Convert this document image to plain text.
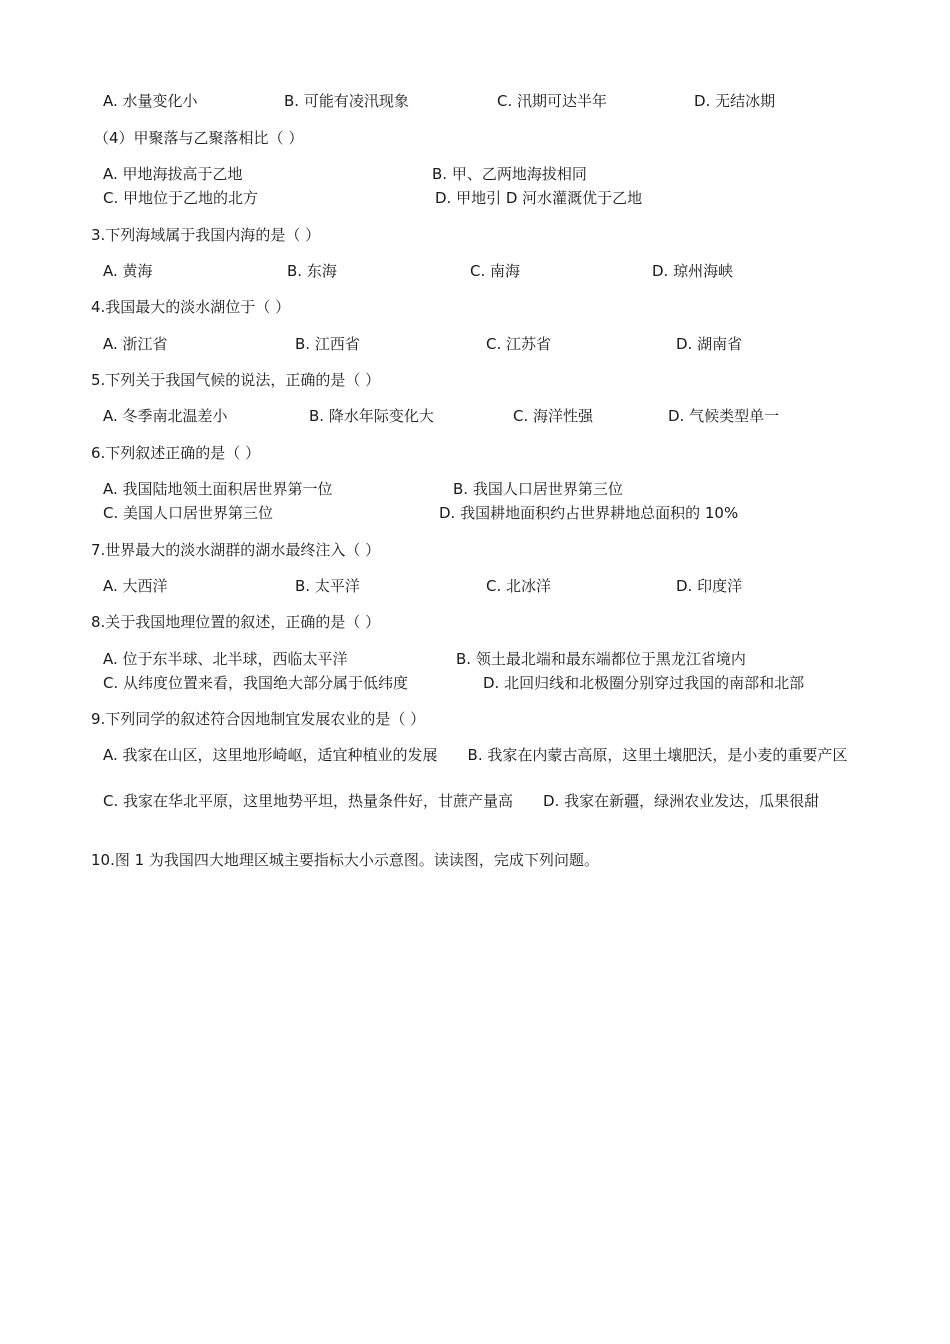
A. 水量变化小	B. 可能有凌汛现象	C. 汛期可达半年	D. 无结冰期
（4）甲聚落与乙聚落相比（ ）
A. 甲地海拔高于乙地	B. 甲、乙两地海拔相同
C. 甲地位于乙地的北方	D. 甲地引 D 河水灌溉优于乙地
3.下列海域属于我国内海的是（ ）
A. 黄海	B. 东海	C. 南海	D. 琼州海峡
4.我国最大的淡水湖位于（ ）
A. 浙江省	B. 江西省	C. 江苏省	D. 湖南省
5.下列关于我国气候的说法，正确的是（ ）
A. 冬季南北温差小	B. 降水年际变化大	C. 海洋性强	D. 气候类型单一
6.下列叙述正确的是（ ）
A. 我国陆地领土面积居世界第一位	B. 我国人口居世界第三位
C. 美国人口居世界第三位	D. 我国耕地面积约占世界耕地总面积的 10%
7.世界最大的淡水湖群的湖水最终注入（ ）
A. 大西洋	B. 太平洋	C. 北冰洋	D. 印度洋
8.关于我国地理位置的叙述，正确的是（ ）
A. 位于东半球、北半球，西临太平洋	B. 领土最北端和最东端都位于黑龙江省境内
C. 从纬度位置来看，我国绝大部分属于低纬度	D. 北回归线和北极圈分别穿过我国的南部和北部
9.下列同学的叙述符合因地制宜发展农业的是（ ）
A. 我家在山区，这里地形崎岖，适宜种植业的发展　　B. 我家在内蒙古高原，这里土壤肥沃，是小麦的重要产区
C. 我家在华北平原，这里地势平坦，热量条件好，甘蔗产量高　　D. 我家在新疆，绿洲农业发达，瓜果很甜
10.图 1 为我国四大地理区城主要指标大小示意图。读读图，完成下列问题。
